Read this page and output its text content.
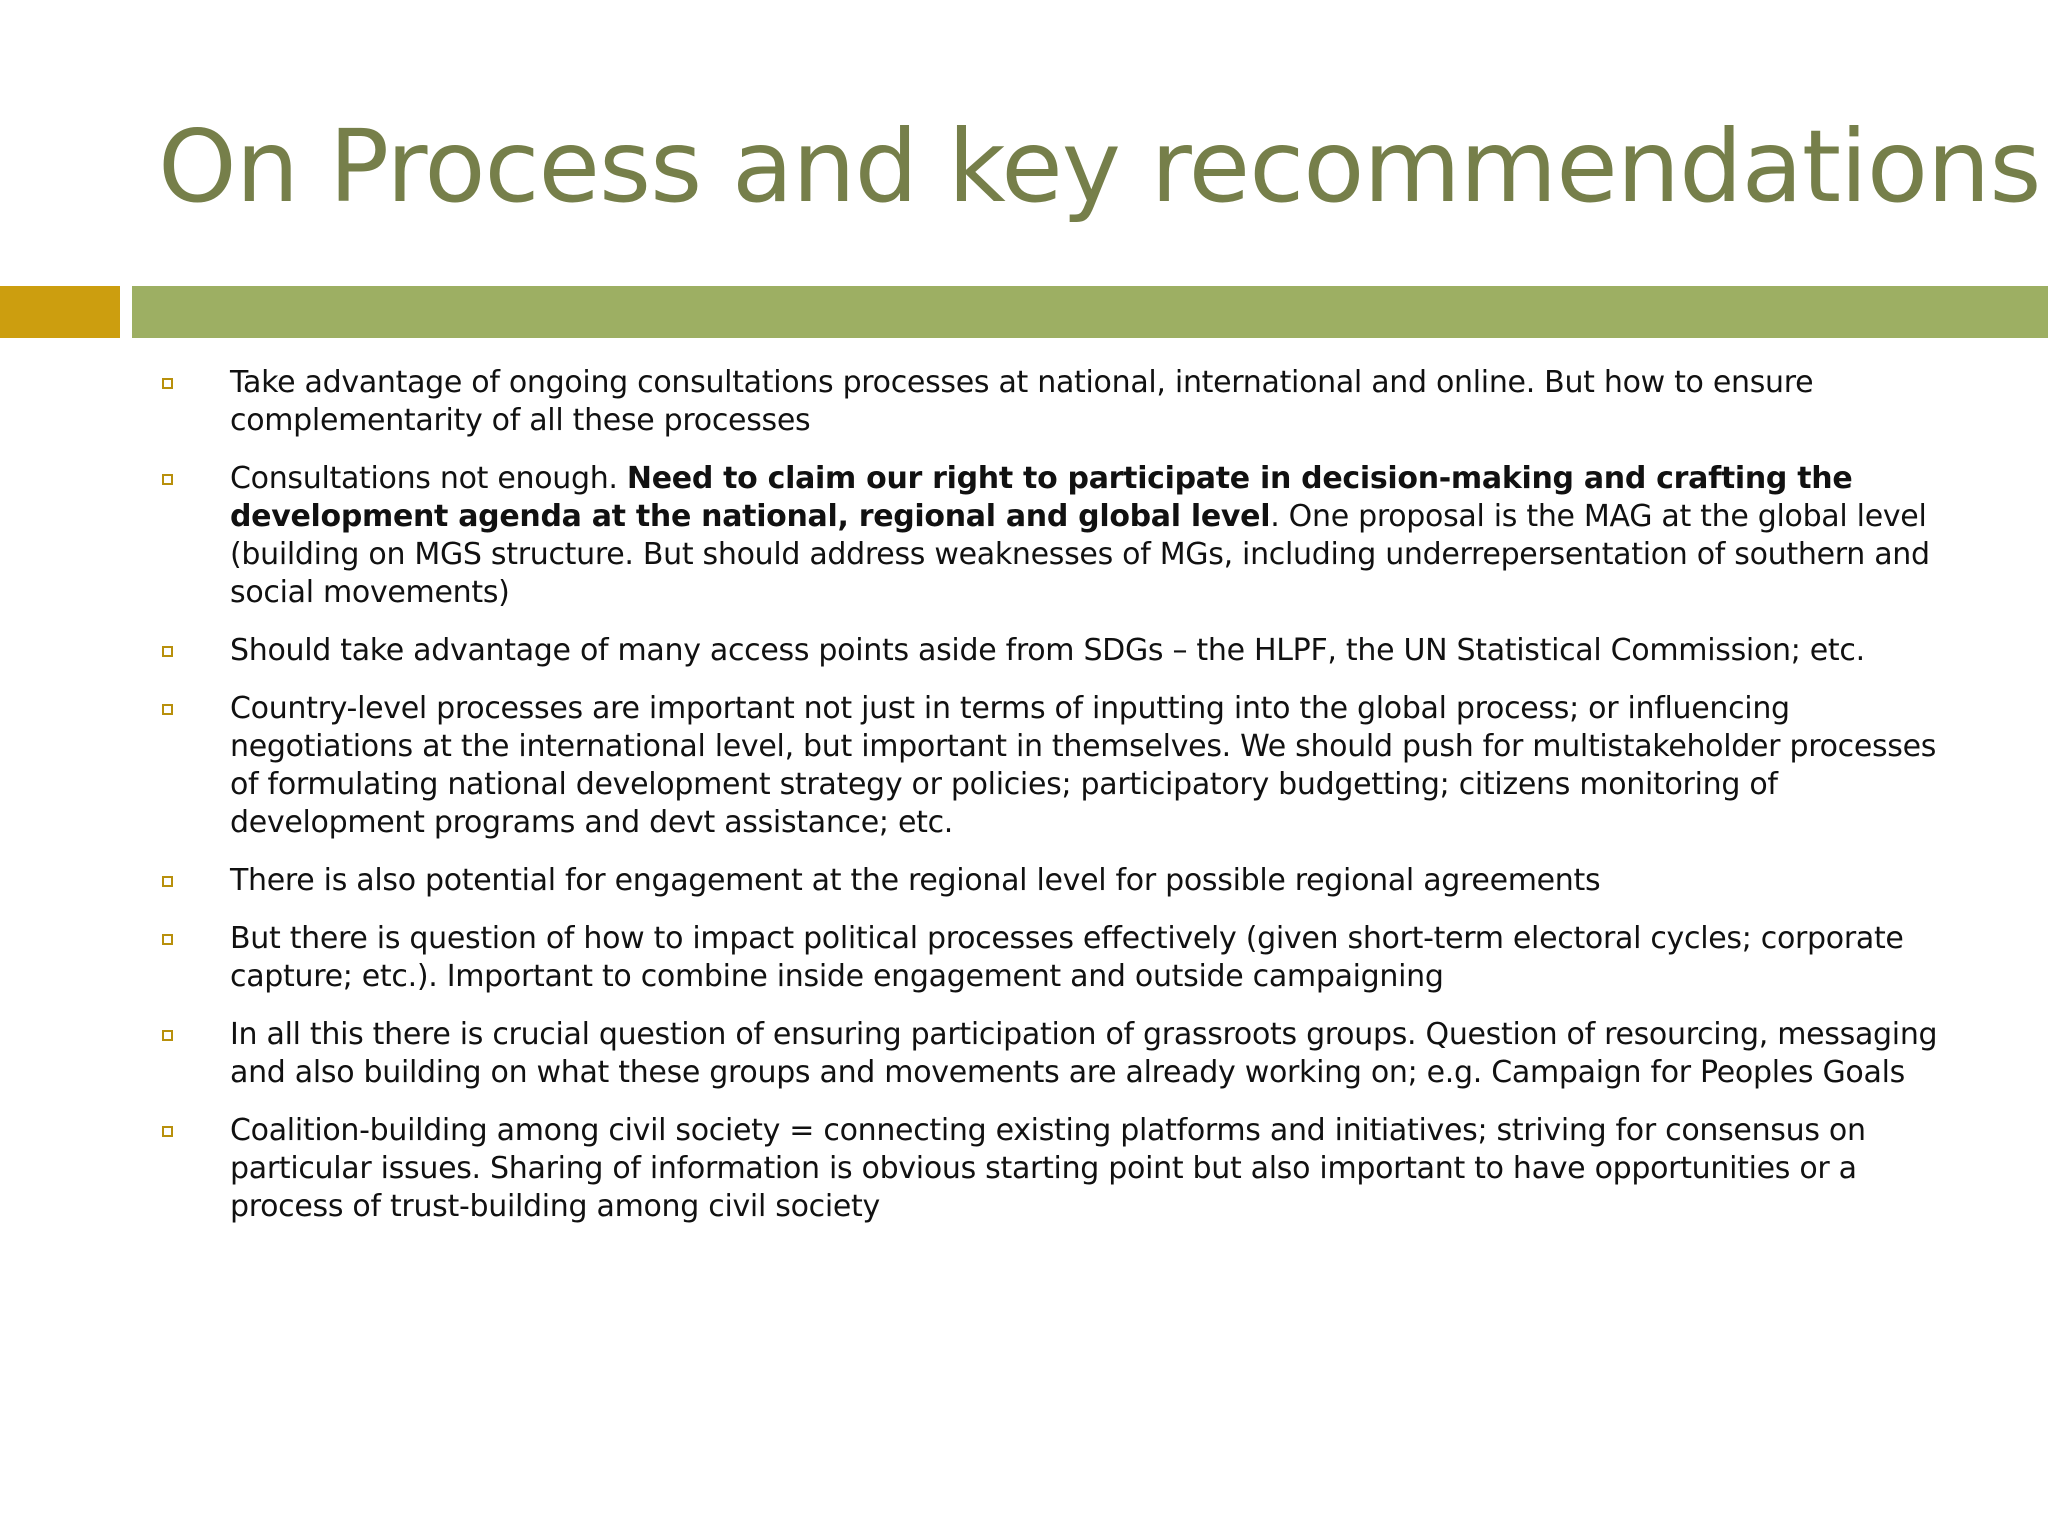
On Process and key recommendations
Take advantage of ongoing consultations processes at national, international and online. But how to ensure complementarity of all these processes
Consultations not enough. Need to claim our right to participate in decision-making and crafting the development agenda at the national, regional and global level. One proposal is the MAG at the global level (building on MGS structure. But should address weaknesses of MGs, including underrepersentation of southern and social movements)
Should take advantage of many access points aside from SDGs – the HLPF, the UN Statistical Commission; etc.
Country-level processes are important not just in terms of inputting into the global process; or influencing negotiations at the international level, but important in themselves. We should push for multistakeholder processes of formulating national development strategy or policies; participatory budgetting; citizens monitoring of development programs and devt assistance; etc.
There is also potential for engagement at the regional level for possible regional agreements
But there is question of how to impact political processes effectively (given short-term electoral cycles; corporate capture; etc.). Important to combine inside engagement and outside campaigning
In all this there is crucial question of ensuring participation of grassroots groups. Question of resourcing, messaging and also building on what these groups and movements are already working on; e.g. Campaign for Peoples Goals
Coalition-building among civil society = connecting existing platforms and initiatives; striving for consensus on particular issues. Sharing of information is obvious starting point but also important to have opportunities or a process of trust-building among civil society
